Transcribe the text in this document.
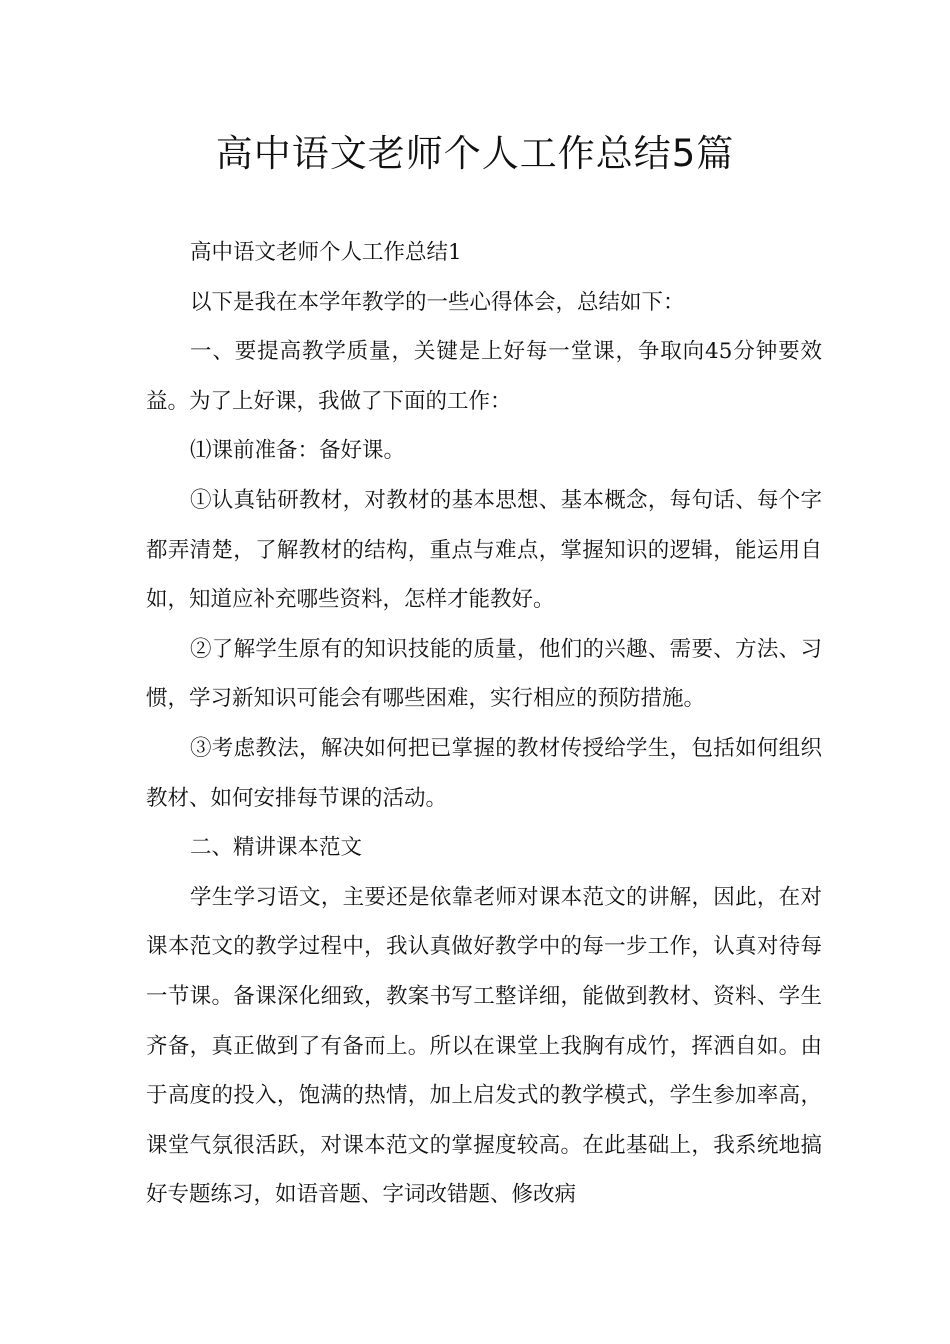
高中语文老师个人工作总结5篇

高中语文老师个人工作总结1

以下是我在本学年教学的一些心得体会，总结如下：

一、要提高教学质量，关键是上好每一堂课，争取向45分钟要效益。为了上好课，我做了下面的工作：

⑴课前准备：备好课。

①认真钻研教材，对教材的基本思想、基本概念，每句话、每个字都弄清楚，了解教材的结构，重点与难点，掌握知识的逻辑，能运用自如，知道应补充哪些资料，怎样才能教好。

②了解学生原有的知识技能的质量，他们的兴趣、需要、方法、习惯，学习新知识可能会有哪些困难，实行相应的预防措施。

③考虑教法，解决如何把已掌握的教材传授给学生，包括如何组织教材、如何安排每节课的活动。

二、精讲课本范文

学生学习语文，主要还是依靠老师对课本范文的讲解，因此，在对课本范文的教学过程中，我认真做好教学中的每一步工作，认真对待每一节课。备课深化细致，教案书写工整详细，能做到教材、资料、学生齐备，真正做到了有备而上。所以在课堂上我胸有成竹，挥洒自如。由于高度的投入，饱满的热情，加上启发式的教学模式，学生参加率高，课堂气氛很活跃，对课本范文的掌握度较高。在此基础上，我系统地搞好专题练习，如语音题、字词改错题、修改病
